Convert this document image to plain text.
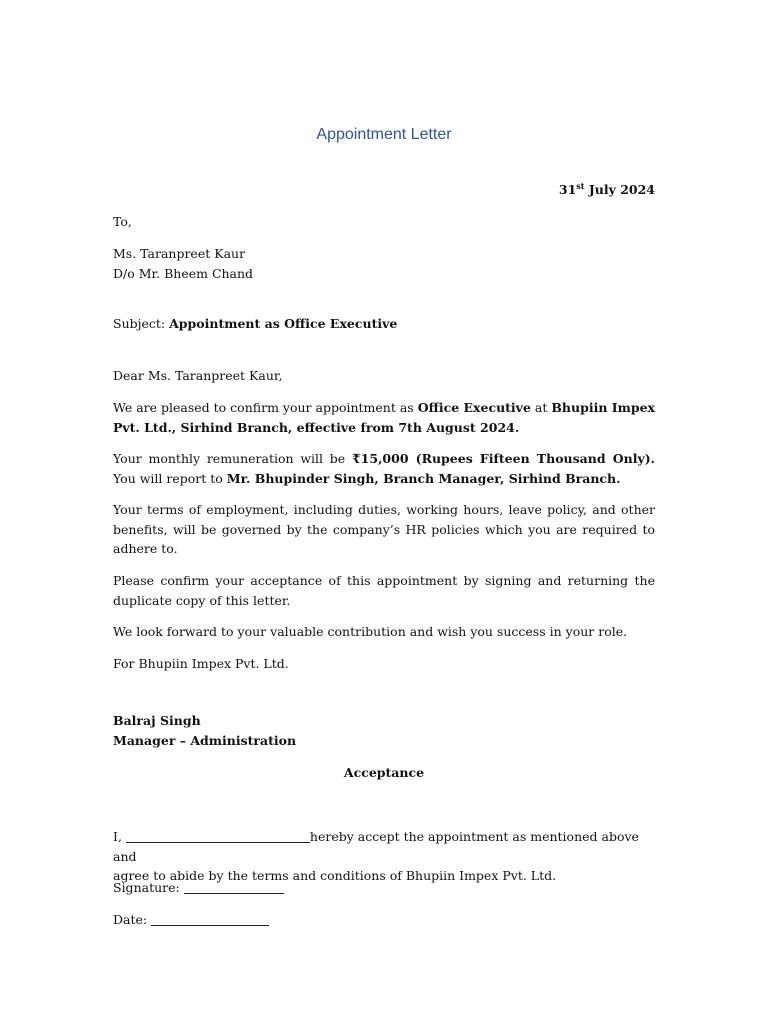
Appointment Letter
31st July 2024
To,
Ms. Taranpreet Kaur
D/o Mr. Bheem Chand
Subject: Appointment as Office Executive
Dear Ms. Taranpreet Kaur,
We are pleased to confirm your appointment as Office Executive at Bhupiin Impex Pvt. Ltd., Sirhind Branch, effective from 7th August 2024.
Your monthly remuneration will be ₹15,000 (Rupees Fifteen Thousand Only). You will report to Mr. Bhupinder Singh, Branch Manager, Sirhind Branch.
Your terms of employment, including duties, working hours, leave policy, and other benefits, will be governed by the company’s HR policies which you are required to adhere to.
Please confirm your acceptance of this appointment by signing and returning the duplicate copy of this letter.
We look forward to your valuable contribution and wish you success in your role.
For Bhupiin Impex Pvt. Ltd.
Balraj Singh
Manager – Administration
Acceptance
I,	hereby accept the appointment as mentioned above and
agree to abide by the terms and conditions of Bhupiin Impex Pvt. Ltd.
Signature:
Date:
